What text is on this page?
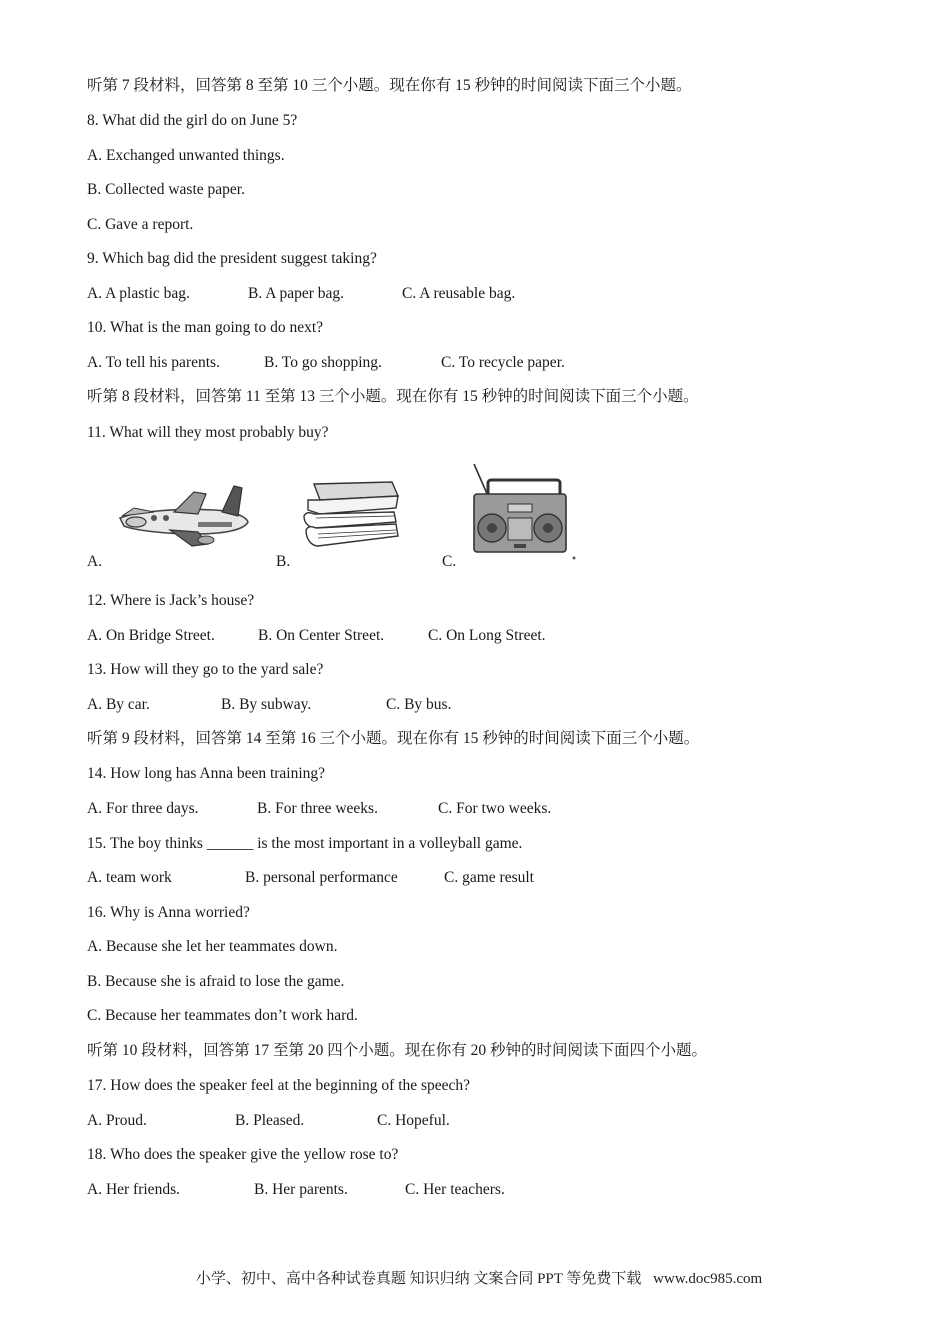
听第 7 段材料，回答第 8 至第 10 三个小题。现在你有 15 秒钟的时间阅读下面三个小题。
8. What did the girl do on June 5?
A. Exchanged unwanted things.
B. Collected waste paper.
C. Gave a report.
9. Which bag did the president suggest taking?
A. A plastic bag.	B. A paper bag.	C. A reusable bag.
10. What is the man going to do next?
A. To tell his parents.	B. To go shopping.	C. To recycle paper.
听第 8 段材料，回答第 11 至第 13 三个小题。现在你有 15 秒钟的时间阅读下面三个小题。
11. What will they most probably buy?
A.	B.	C.
12. Where is Jack’s house?
A. On Bridge Street.	B. On Center Street.	C. On Long Street.
13. How will they go to the yard sale?
A. By car.	B. By subway.	C. By bus.
听第 9 段材料，回答第 14 至第 16 三个小题。现在你有 15 秒钟的时间阅读下面三个小题。
14. How long has Anna been training?
A. For three days.	B. For three weeks.	C. For two weeks.
15. The boy thinks ______ is the most important in a volleyball game.
A. team work	B. personal performance	C. game result
16. Why is Anna worried?
A. Because she let her teammates down.
B. Because she is afraid to lose the game.
C. Because her teammates don’t work hard.
听第 10 段材料，回答第 17 至第 20 四个小题。现在你有 20 秒钟的时间阅读下面四个小题。
17. How does the speaker feel at the beginning of the speech?
A. Proud.	B. Pleased.	C. Hopeful.
18. Who does the speaker give the yellow rose to?
A. Her friends.	B. Her parents.	C. Her teachers.
小学、初中、高中各种试卷真题 知识归纳 文案合同 PPT 等免费下载 www.doc985.com
